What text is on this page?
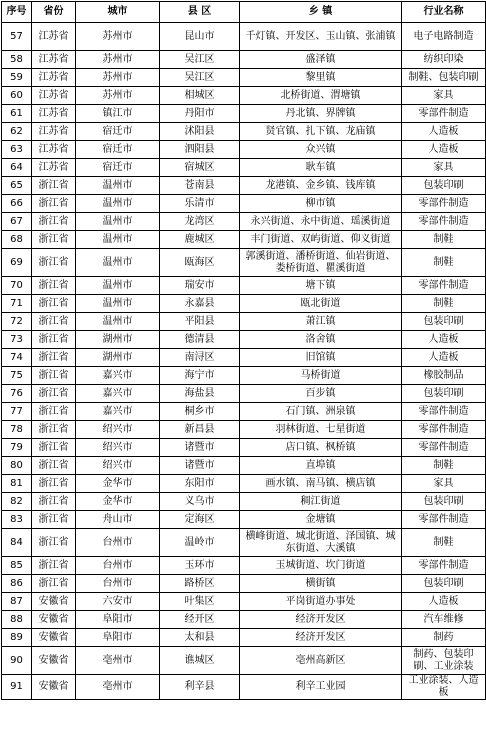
序号	省份	城市	县 区	乡 镇	行业名称
57	江苏省	苏州市	昆山市	千灯镇、开发区、玉山镇、张浦镇	电子电路制造
58	江苏省	苏州市	吴江区	盛泽镇	纺织印染
59	江苏省	苏州市	吴江区	黎里镇	制鞋、包装印刷
60	江苏省	苏州市	相城区	北桥街道、渭塘镇	家具
61	江苏省	镇江市	丹阳市	丹北镇、界牌镇	零部件制造
62	江苏省	宿迁市	沭阳县	贤官镇、扎下镇、龙庙镇	人造板
63	江苏省	宿迁市	泗阳县	众兴镇	人造板
64	江苏省	宿迁市	宿城区	耿车镇	家具
65	浙江省	温州市	苍南县	龙港镇、金乡镇、钱库镇	包装印刷
66	浙江省	温州市	乐清市	柳市镇	零部件制造
67	浙江省	温州市	龙湾区	永兴街道、永中街道、瑶溪街道	零部件制造
68	浙江省	温州市	鹿城区	丰门街道、双屿街道、仰义街道	制鞋
69	浙江省	温州市	瓯海区	郭溪街道、潘桥街道、仙岩街道、娄桥街道、瞿溪街道	制鞋
70	浙江省	温州市	瑞安市	塘下镇	零部件制造
71	浙江省	温州市	永嘉县	瓯北街道	制鞋
72	浙江省	温州市	平阳县	萧江镇	包装印刷
73	浙江省	湖州市	德清县	洛舍镇	人造板
74	浙江省	湖州市	南浔区	旧馆镇	人造板
75	浙江省	嘉兴市	海宁市	马桥街道	橡胶制品
76	浙江省	嘉兴市	海盐县	百步镇	包装印刷
77	浙江省	嘉兴市	桐乡市	石门镇、洲泉镇	零部件制造
78	浙江省	绍兴市	新昌县	羽林街道、七星街道	零部件制造
79	浙江省	绍兴市	诸暨市	店口镇、枫桥镇	零部件制造
80	浙江省	绍兴市	诸暨市	直埠镇	制鞋
81	浙江省	金华市	东阳市	画水镇、南马镇、横店镇	家具
82	浙江省	金华市	义乌市	稠江街道	包装印刷
83	浙江省	舟山市	定海区	金塘镇	零部件制造
84	浙江省	台州市	温岭市	横峰街道、城北街道、泽国镇、城东街道、大溪镇	制鞋
85	浙江省	台州市	玉环市	玉城街道、坎门街道	零部件制造
86	浙江省	台州市	路桥区	横街镇	包装印刷
87	安徽省	六安市	叶集区	平岗街道办事处	人造板
88	安徽省	阜阳市	经开区	经济开发区	汽车维修
89	安徽省	阜阳市	太和县	经济开发区	制药
90	安徽省	亳州市	谯城区	亳州高新区	制药、包装印刷、工业涂装
91	安徽省	亳州市	利辛县	利辛工业园	工业涂装、人造板
